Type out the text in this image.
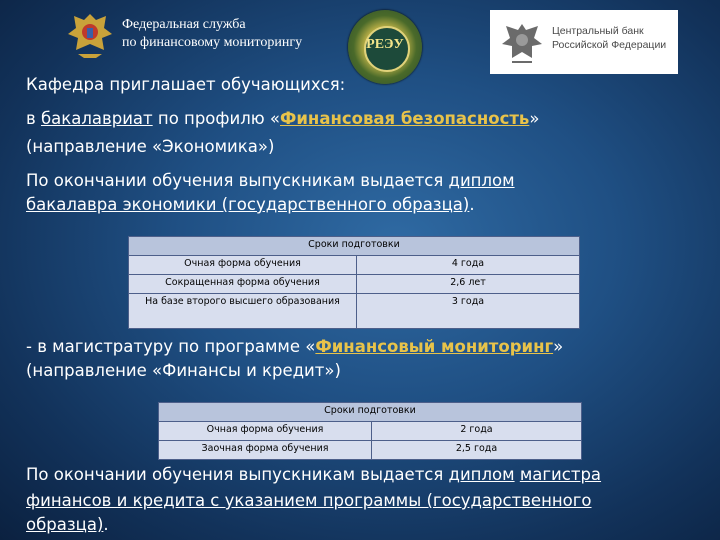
Федеральная служба
по финансовому мониторингу	РЕЭУ
Центральный банк
Российской Федерации
Кафедра приглашает обучающихся:
в бакалавриат по профилю «Финансовая безопасность»
(направление «Экономика»)
По окончании обучения выпускникам выдается диплом
бакалавра экономики (государственного образца).
Сроки подготовки	
Очная форма обучения	4 года
Сокращенная форма обучения	2,6 лет
На базе второго высшего образования	3 года
- в магистратуру по программе «Финансовый мониторинг»
(направление «Финансы и кредит»)
Сроки подготовки	
Очная форма обучения	2 года
Заочная форма обучения	2,5 года
По окончании обучения выпускникам выдается диплом магистра
финансов и кредита с указанием программы (государственного
образца).
